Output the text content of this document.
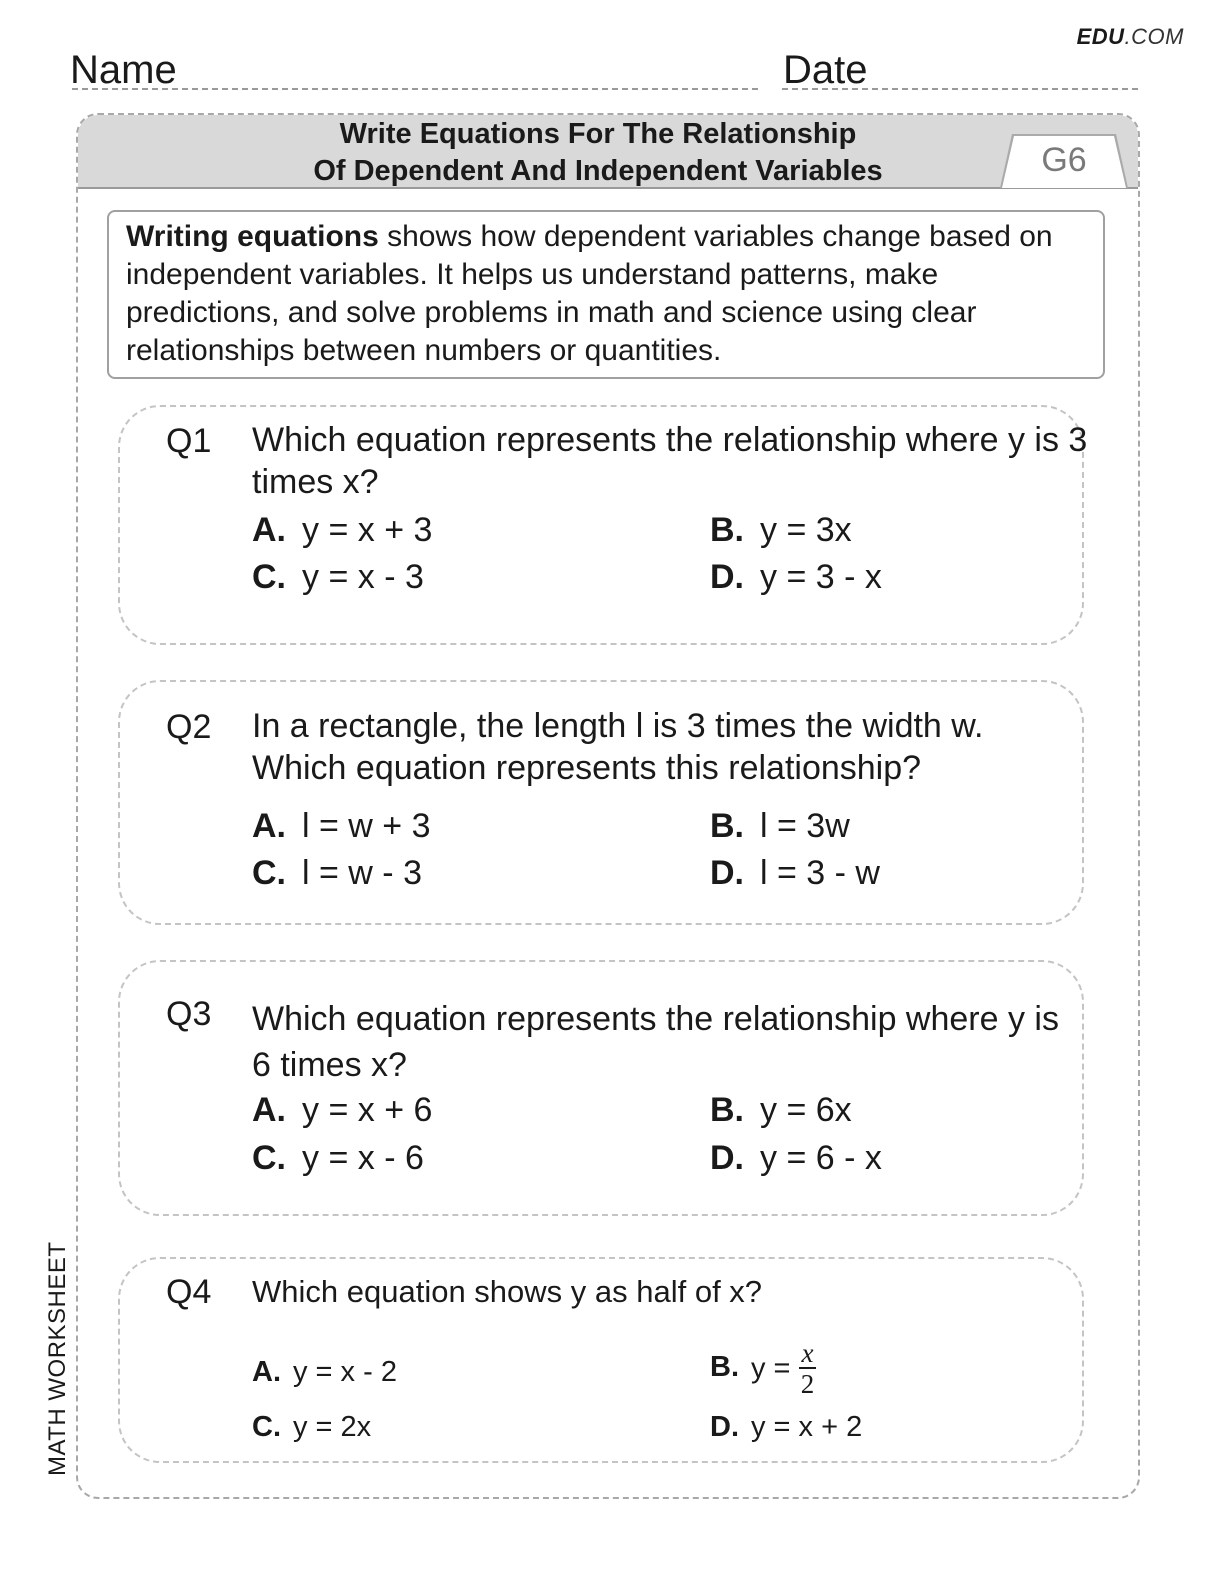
EDU.COM
Name	Date
Write Equations For The Relationship
Of Dependent And Independent Variables	G6
Writing equations shows how dependent variables change based on independent variables. It helps us understand patterns, make predictions, and solve problems in math and science using clear relationships between numbers or quantities.
Q1 Which equation represents the relationship where y is 3 times x?
A. y = x + 3	B. y = 3x
C. y = x - 3	D. y = 3 - x
Q2 In a rectangle, the length l is 3 times the width w.
Which equation represents this relationship?
A. l = w + 3	B. l = 3w
C. l = w - 3	D. l = 3 - w
Q3 Which equation represents the relationship where y is
6 times x?
A. y = x + 6	B. y = 6x
C. y = x - 6	D. y = 6 - x
Q4 Which equation shows y as half of x?
A. y = x - 2	B. $y = \frac{x}{2}$
C. y = 2x	D. y = x + 2
MATH WORKSHEET
